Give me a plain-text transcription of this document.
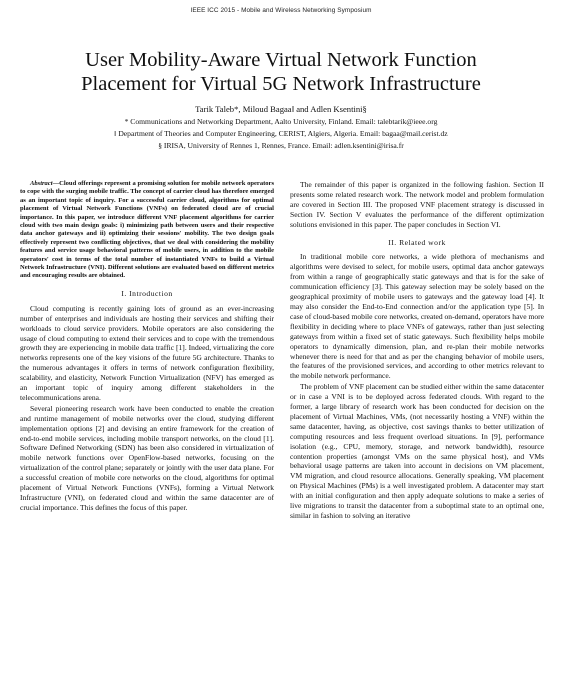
IEEE ICC 2015 - Mobile and Wireless Networking Symposium
User Mobility-Aware Virtual Network Function
Placement for Virtual 5G Network Infrastructure
Tarik Taleb*, Miloud Bagaa‖ and Adlen Ksentini§
* Communications and Networking Department, Aalto University, Finland. Email: talebtarik@ieee.org
‖ Department of Theories and Computer Engineering, CERIST, Algiers, Algeria. Email: bagaa@mail.cerist.dz
§ IRISA, University of Rennes 1, Rennes, France. Email: adlen.ksentini@irisa.fr

Abstract—Cloud offerings represent a promising solution for mobile network operators to cope with the surging mobile traffic. The concept of carrier cloud has therefore emerged as an important topic of inquiry. For a successful carrier cloud, algorithms for optimal placement of Virtual Network Functions (VNFs) on federated cloud are of crucial importance. In this paper, we introduce different VNF placement algorithms for carrier cloud with two main design goals: i) minimizing path between users and their respective data anchor gateways and ii) optimizing their sessions' mobility. The two design goals effectively represent two conflicting objectives, that we deal with considering the mobility features and service usage behavioral patterns of mobile users, in addition to the mobile operators' cost in terms of the total number of instantiated VNFs to build a Virtual Network Infrastructure (VNI). Different solutions are evaluated based on different metrics and encouraging results are obtained.

I. Introduction

Cloud computing is recently gaining lots of ground as an ever-increasing number of enterprises and individuals are hosting their services and shifting their workloads to cloud service providers. Mobile operators are also considering the usage of cloud computing to extend their services and to cope with the tremendous growth they are experiencing in mobile data traffic [1]. Indeed, virtualizing the core networks represents one of the key visions of the future 5G architecture. Thanks to the numerous advantages it offers in terms of network configuration flexibility, scalability, and elasticity, Network Function Virtualization (NFV) has emerged as an important topic of inquiry among different stakeholders in the telecommunications arena.

Several pioneering research work have been conducted to enable the creation and runtime management of mobile networks over the cloud, studying different implementation options [2] and devising an entire framework for the creation of end-to-end mobile services, including mobile transport networks, on the cloud [1]. Software Defined Networking (SDN) has been also considered in virtualization of mobile network functions over OpenFlow-based networks, focusing on the virtualization of the control plane; separately or jointly with the user data plane. For a successful creation of mobile core networks on the cloud, algorithms for optimal placement of Virtual Network Functions (VNFs), forming a Virtual Network Infrastructure (VNI), on federated cloud and within the same datacenter are of crucial importance. This defines the focus of this paper.

The remainder of this paper is organized in the following fashion. Section II presents some related research work. The network model and problem formulation are covered in Section III. The proposed VNF placement strategy is discussed in Section IV. Section V evaluates the performance of the different optimization solutions envisioned in this paper. The paper concludes in Section VI.

II. Related work

In traditional mobile core networks, a wide plethora of mechanisms and algorithms were devised to select, for mobile users, optimal data anchor gateways from within a range of geographically static gateways and that is for the sake of communication efficiency [3]. This gateway selection may be solely based on the geographical proximity of mobile users to gateways and the gateway load [4]. It may also consider the End-to-End connection and/or the application type [5]. In case of cloud-based mobile core networks, created on-demand, operators have more flexibility in deciding where to place VNFs of gateways, rather than just selecting gateways from within a fixed set of static gateways. Such flexibility helps mobile operators to dynamically dimension, plan, and re-plan their mobile networks whenever there is need for that and as per the changing behavior of mobile users, the features of the provisioned services, and according to other metrics relevant to the mobile network performance.

The problem of VNF placement can be studied either within the same datacenter or in case a VNI is to be deployed across federated clouds. With regard to the former, a large library of research work has been conducted for decision on the placement of Virtual Machines, VMs, (not necessarily hosting a VNF) within the same datacenter, having, as objective, cost savings thanks to better utilization of computing resources and less frequent overload situations. In [9], performance isolation (e.g., CPU, memory, storage, and network bandwidth), resource contention properties (amongst VMs on the same physical host), and VMs behavioral usage patterns are taken into account in decisions on VM placement, VM migration, and cloud resource allocations. Generally speaking, VM placement on Physical Machines (PMs) is a well investigated problem. A datacenter may start with an initial configuration and then apply adequate solutions to make a series of live migrations to transit the datacenter from a suboptimal state to an optimal one, similar in fashion to solving an iterative
